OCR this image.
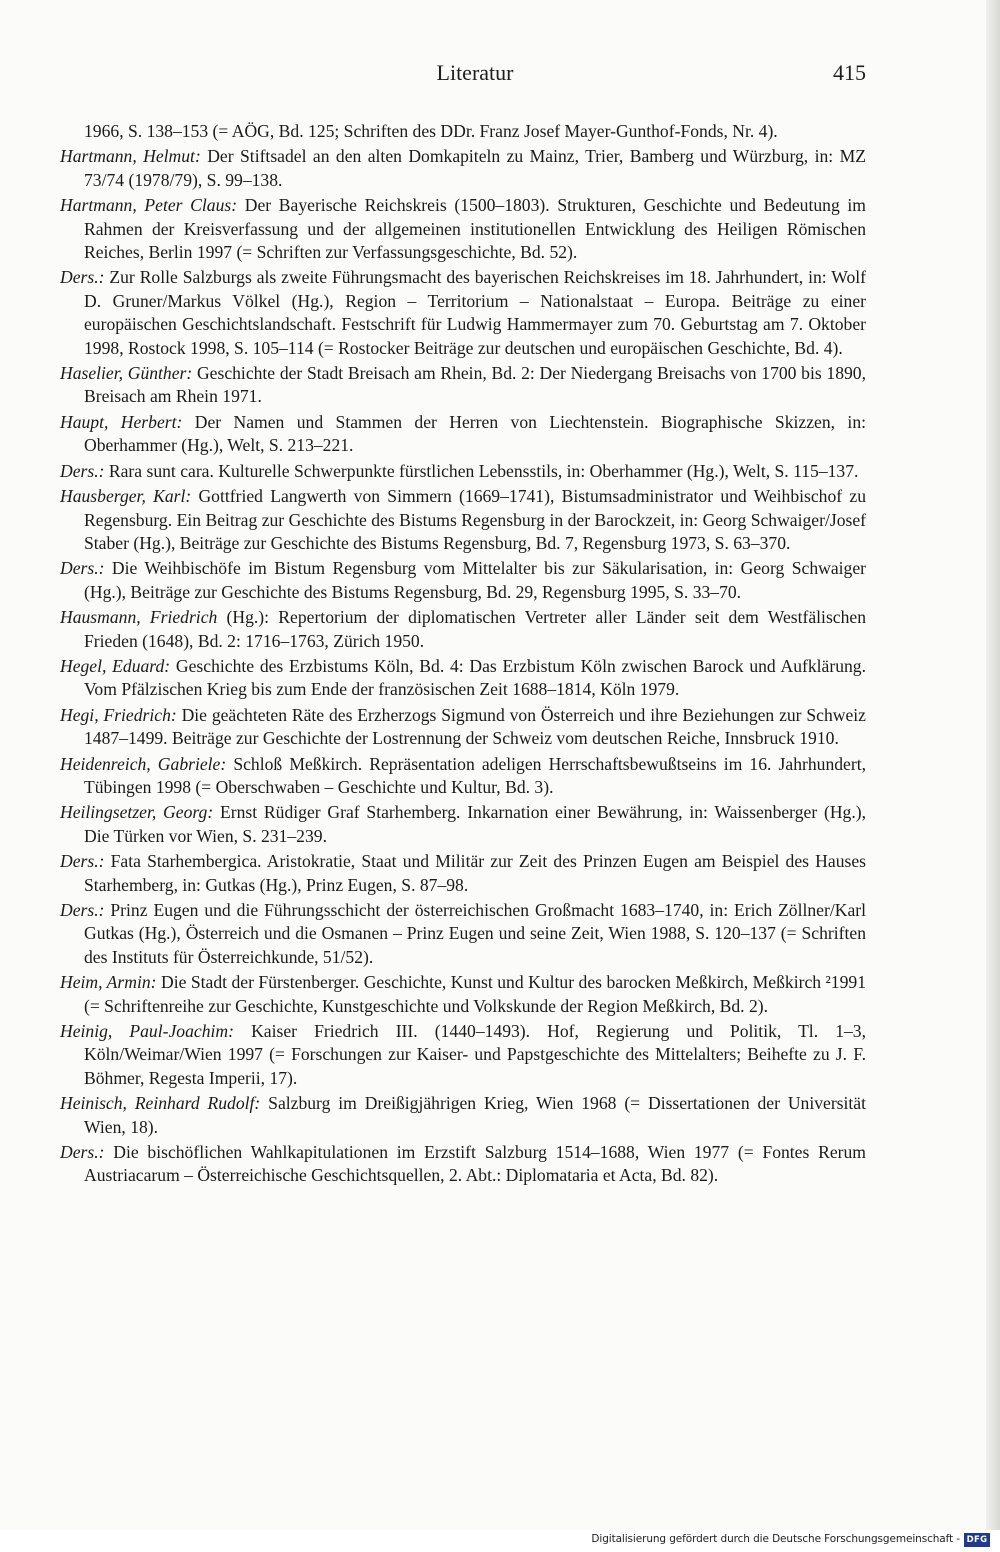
Literatur	415

1966, S. 138–153 (= AÖG, Bd. 125; Schriften des DDr. Franz Josef Mayer-Gunthof-Fonds, Nr. 4).

Hartmann, Helmut: Der Stiftsadel an den alten Domkapiteln zu Mainz, Trier, Bamberg und Würzburg, in: MZ 73/74 (1978/79), S. 99–138.

Hartmann, Peter Claus: Der Bayerische Reichskreis (1500–1803). Strukturen, Geschichte und Bedeutung im Rahmen der Kreisverfassung und der allgemeinen institutionellen Entwicklung des Heiligen Römischen Reiches, Berlin 1997 (= Schriften zur Verfassungsgeschichte, Bd. 52).

Ders.: Zur Rolle Salzburgs als zweite Führungsmacht des bayerischen Reichskreises im 18. Jahrhundert, in: Wolf D. Gruner/Markus Völkel (Hg.), Region – Territorium – Nationalstaat – Europa. Beiträge zu einer europäischen Geschichtslandschaft. Festschrift für Ludwig Hammermayer zum 70. Geburtstag am 7. Oktober 1998, Rostock 1998, S. 105–114 (= Rostocker Beiträge zur deutschen und europäischen Geschichte, Bd. 4).

Haselier, Günther: Geschichte der Stadt Breisach am Rhein, Bd. 2: Der Niedergang Breisachs von 1700 bis 1890, Breisach am Rhein 1971.

Haupt, Herbert: Der Namen und Stammen der Herren von Liechtenstein. Biographische Skizzen, in: Oberhammer (Hg.), Welt, S. 213–221.

Ders.: Rara sunt cara. Kulturelle Schwerpunkte fürstlichen Lebensstils, in: Oberhammer (Hg.), Welt, S. 115–137.

Hausberger, Karl: Gottfried Langwerth von Simmern (1669–1741), Bistumsadministrator und Weihbischof zu Regensburg. Ein Beitrag zur Geschichte des Bistums Regensburg in der Barockzeit, in: Georg Schwaiger/Josef Staber (Hg.), Beiträge zur Geschichte des Bistums Regensburg, Bd. 7, Regensburg 1973, S. 63–370.

Ders.: Die Weihbischöfe im Bistum Regensburg vom Mittelalter bis zur Säkularisation, in: Georg Schwaiger (Hg.), Beiträge zur Geschichte des Bistums Regensburg, Bd. 29, Regensburg 1995, S. 33–70.

Hausmann, Friedrich (Hg.): Repertorium der diplomatischen Vertreter aller Länder seit dem Westfälischen Frieden (1648), Bd. 2: 1716–1763, Zürich 1950.

Hegel, Eduard: Geschichte des Erzbistums Köln, Bd. 4: Das Erzbistum Köln zwischen Barock und Aufklärung. Vom Pfälzischen Krieg bis zum Ende der französischen Zeit 1688–1814, Köln 1979.

Hegi, Friedrich: Die geächteten Räte des Erzherzogs Sigmund von Österreich und ihre Beziehungen zur Schweiz 1487–1499. Beiträge zur Geschichte der Lostrennung der Schweiz vom deutschen Reiche, Innsbruck 1910.

Heidenreich, Gabriele: Schloß Meßkirch. Repräsentation adeligen Herrschaftsbewußtseins im 16. Jahrhundert, Tübingen 1998 (= Oberschwaben – Geschichte und Kultur, Bd. 3).

Heilingsetzer, Georg: Ernst Rüdiger Graf Starhemberg. Inkarnation einer Bewährung, in: Waissenberger (Hg.), Die Türken vor Wien, S. 231–239.

Ders.: Fata Starhembergica. Aristokratie, Staat und Militär zur Zeit des Prinzen Eugen am Beispiel des Hauses Starhemberg, in: Gutkas (Hg.), Prinz Eugen, S. 87–98.

Ders.: Prinz Eugen und die Führungsschicht der österreichischen Großmacht 1683–1740, in: Erich Zöllner/Karl Gutkas (Hg.), Österreich und die Osmanen – Prinz Eugen und seine Zeit, Wien 1988, S. 120–137 (= Schriften des Instituts für Österreichkunde, 51/52).

Heim, Armin: Die Stadt der Fürstenberger. Geschichte, Kunst und Kultur des barocken Meßkirch, Meßkirch ²1991 (= Schriftenreihe zur Geschichte, Kunstgeschichte und Volkskunde der Region Meßkirch, Bd. 2).

Heinig, Paul-Joachim: Kaiser Friedrich III. (1440–1493). Hof, Regierung und Politik, Tl. 1–3, Köln/Weimar/Wien 1997 (= Forschungen zur Kaiser- und Papstgeschichte des Mittelalters; Beihefte zu J. F. Böhmer, Regesta Imperii, 17).

Heinisch, Reinhard Rudolf: Salzburg im Dreißigjährigen Krieg, Wien 1968 (= Dissertationen der Universität Wien, 18).

Ders.: Die bischöflichen Wahlkapitulationen im Erzstift Salzburg 1514–1688, Wien 1977 (= Fontes Rerum Austriacarum – Österreichische Geschichtsquellen, 2. Abt.: Diplomataria et Acta, Bd. 82).

Digitalisierung gefördert durch die Deutsche Forschungsgemeinschaft - DFG
